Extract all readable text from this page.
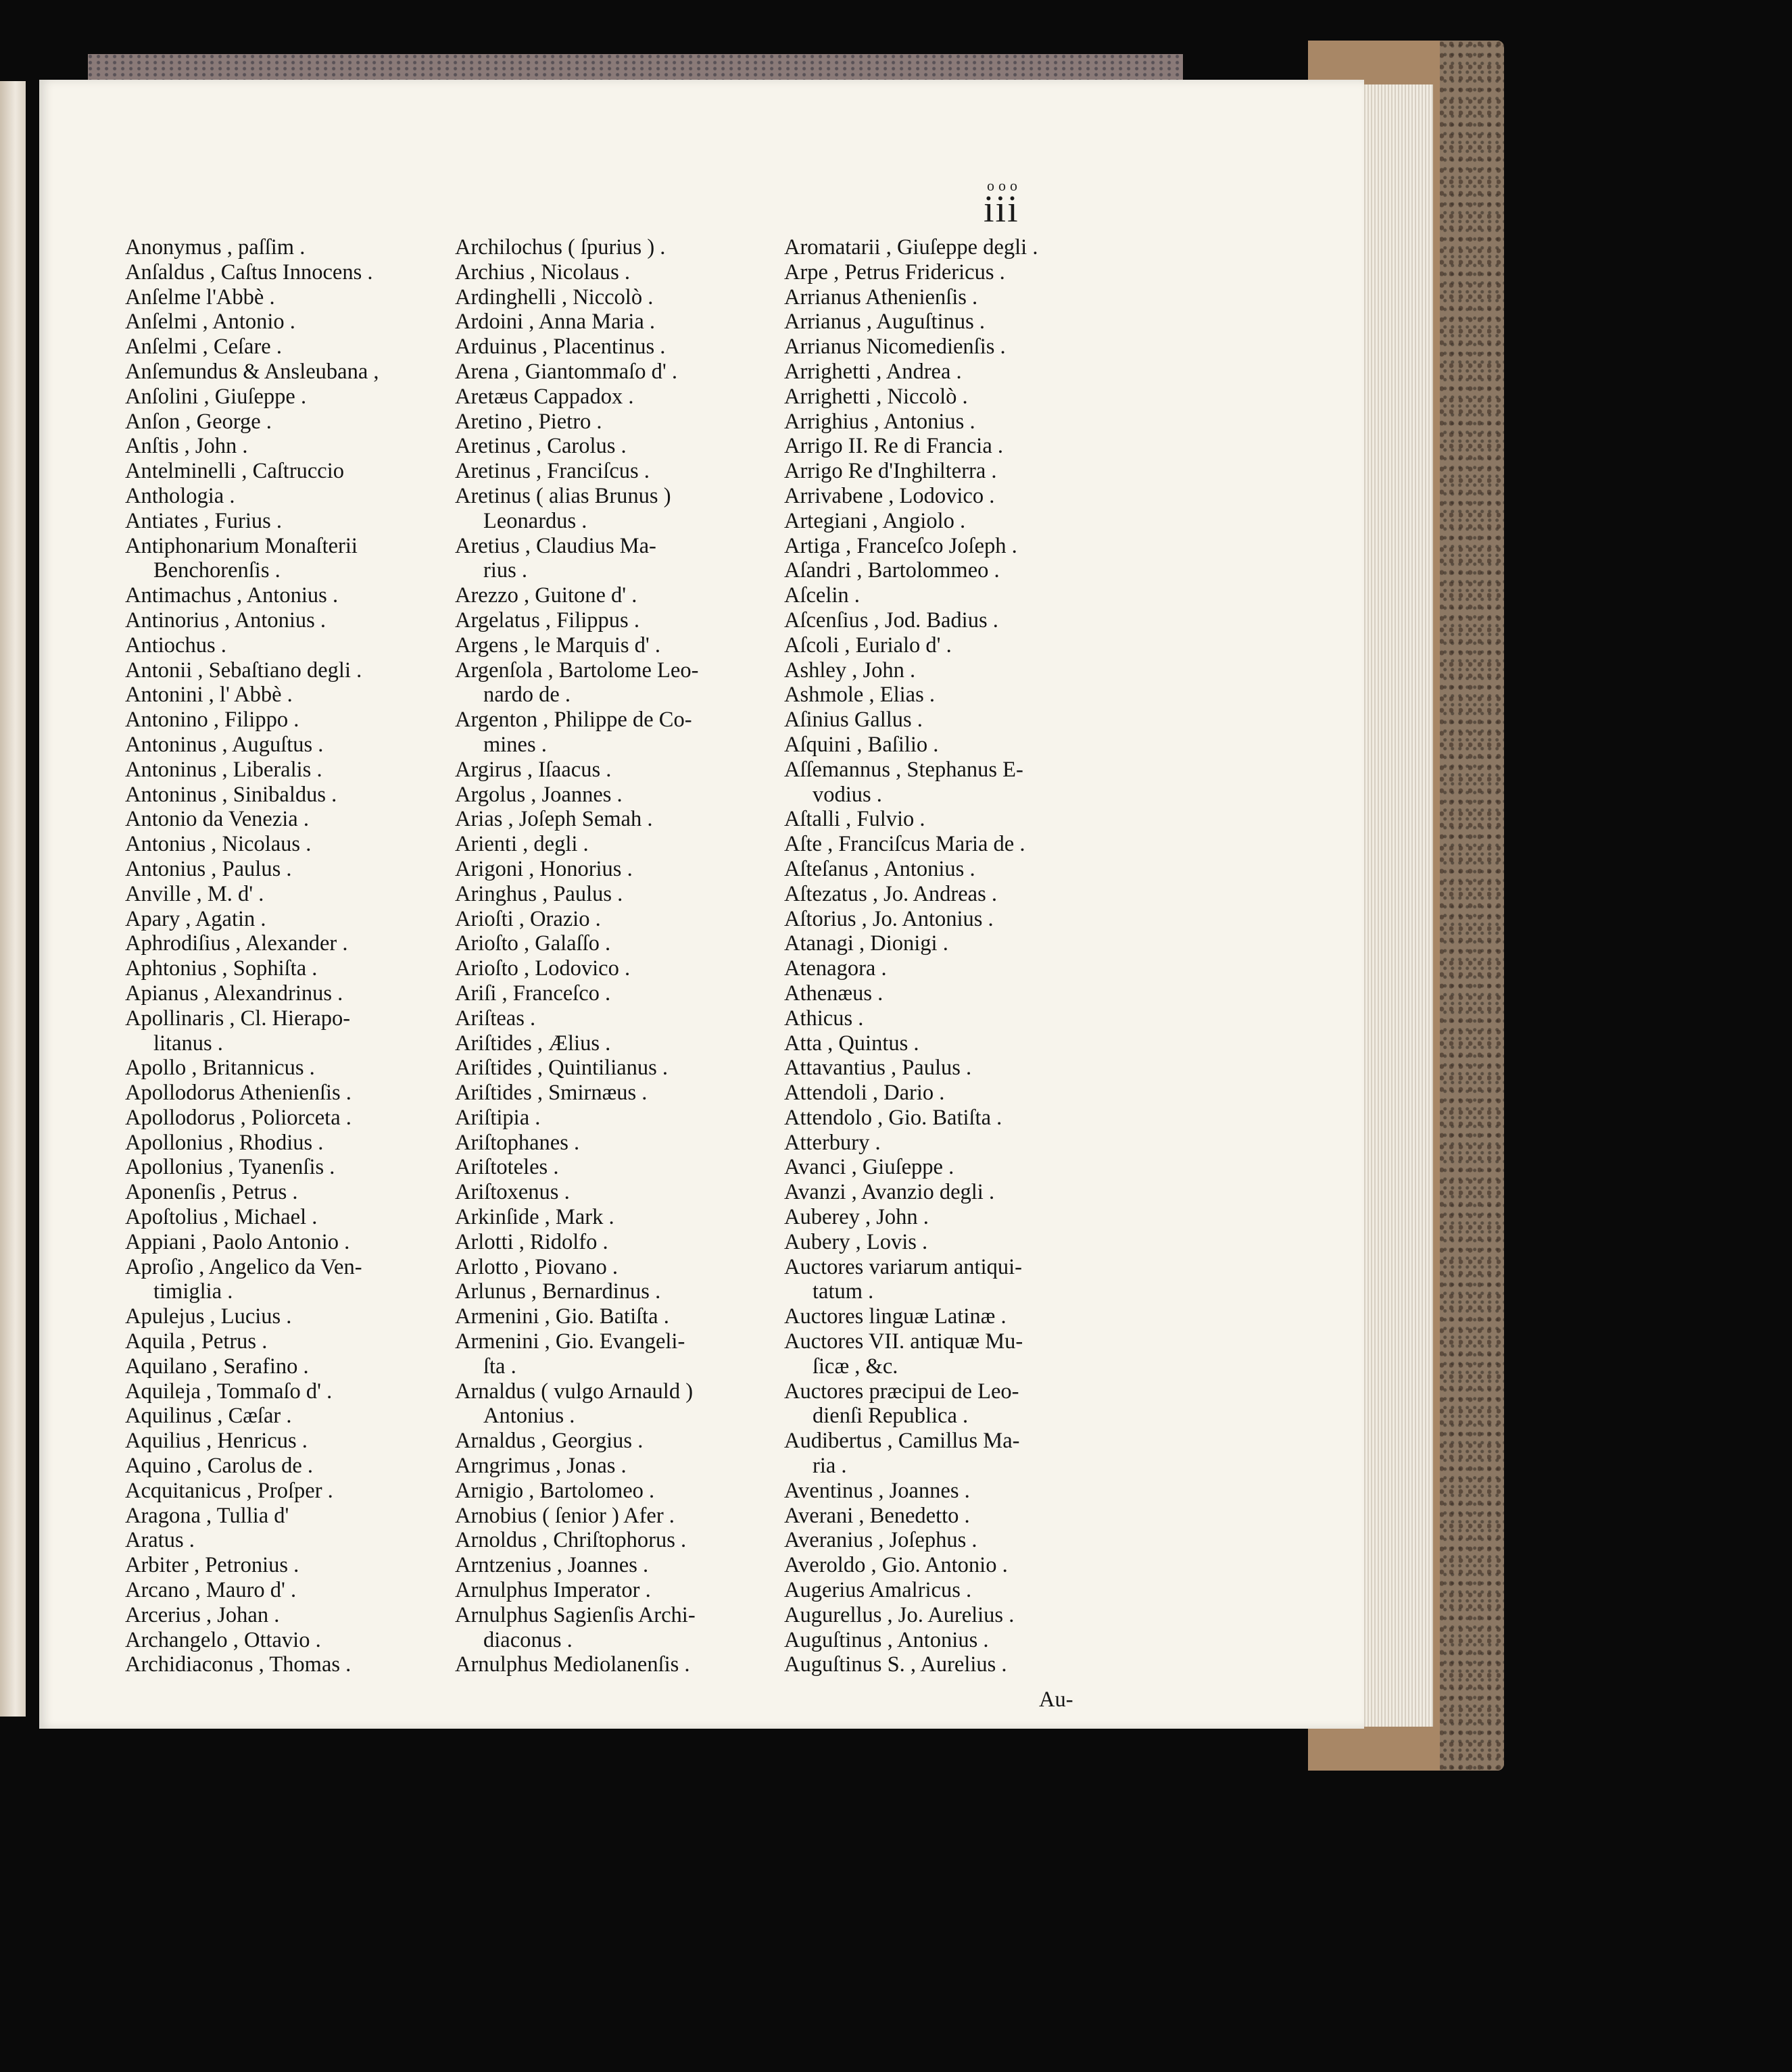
ooo
iii
Anonymus , paſſim .
Anſaldus , Caſtus Innocens .
Anſelme l'Abbè .
Anſelmi , Antonio .
Anſelmi , Ceſare .
Anſemundus & Ansleubana ,
Anſolini , Giuſeppe .
Anſon , George .
Anſtis , John .
Antelminelli , Caſtruccio
Anthologia .
Antiates , Furius .
Antiphonarium Monaſterii
Benchorenſis .
Antimachus , Antonius .
Antinorius , Antonius .
Antiochus .
Antonii , Sebaſtiano degli .
Antonini , l' Abbè .
Antonino , Filippo .
Antoninus , Auguſtus .
Antoninus , Liberalis .
Antoninus , Sinibaldus .
Antonio da Venezia .
Antonius , Nicolaus .
Antonius , Paulus .
Anville , M. d' .
Apary , Agatin .
Aphrodiſius , Alexander .
Aphtonius , Sophiſta .
Apianus , Alexandrinus .
Apollinaris , Cl. Hierapo-
litanus .
Apollo , Britannicus .
Apollodorus Athenienſis .
Apollodorus , Poliorceta .
Apollonius , Rhodius .
Apollonius , Tyanenſis .
Aponenſis , Petrus .
Apoſtolius , Michael .
Appiani , Paolo Antonio .
Aproſio , Angelico da Ven-
timiglia .
Apulejus , Lucius .
Aquila , Petrus .
Aquilano , Serafino .
Aquileja , Tommaſo d' .
Aquilinus , Cæſar .
Aquilius , Henricus .
Aquino , Carolus de .
Acquitanicus , Proſper .
Aragona , Tullia d'
Aratus .
Arbiter , Petronius .
Arcano , Mauro d' .
Arcerius , Johan .
Archangelo , Ottavio .
Archidiaconus , Thomas .
Archilochus ( ſpurius ) .
Archius , Nicolaus .
Ardinghelli , Niccolò .
Ardoini , Anna Maria .
Arduinus , Placentinus .
Arena , Giantommaſo d' .
Aretæus Cappadox .
Aretino , Pietro .
Aretinus , Carolus .
Aretinus , Franciſcus .
Aretinus ( alias Brunus )
Leonardus .
Aretius , Claudius Ma-
rius .
Arezzo , Guitone d' .
Argelatus , Filippus .
Argens , le Marquis d' .
Argenſola , Bartolome Leo-
nardo de .
Argenton , Philippe de Co-
mines .
Argirus , Iſaacus .
Argolus , Joannes .
Arias , Joſeph Semah .
Arienti , degli .
Arigoni , Honorius .
Aringhus , Paulus .
Arioſti , Orazio .
Arioſto , Galaſſo .
Arioſto , Lodovico .
Ariſi , Franceſco .
Ariſteas .
Ariſtides , Ælius .
Ariſtides , Quintilianus .
Ariſtides , Smirnæus .
Ariſtipia .
Ariſtophanes .
Ariſtoteles .
Ariſtoxenus .
Arkinſide , Mark .
Arlotti , Ridolfo .
Arlotto , Piovano .
Arlunus , Bernardinus .
Armenini , Gio. Batiſta .
Armenini , Gio. Evangeli-
ſta .
Arnaldus ( vulgo Arnauld )
Antonius .
Arnaldus , Georgius .
Arngrimus , Jonas .
Arnigio , Bartolomeo .
Arnobius ( ſenior ) Afer .
Arnoldus , Chriſtophorus .
Arntzenius , Joannes .
Arnulphus Imperator .
Arnulphus Sagienſis Archi-
diaconus .
Arnulphus Mediolanenſis .
Aromatarii , Giuſeppe degli .
Arpe , Petrus Fridericus .
Arrianus Athenienſis .
Arrianus , Auguſtinus .
Arrianus Nicomedienſis .
Arrighetti , Andrea .
Arrighetti , Niccolò .
Arrighius , Antonius .
Arrigo II. Re di Francia .
Arrigo Re d'Inghilterra .
Arrivabene , Lodovico .
Artegiani , Angiolo .
Artiga , Franceſco Joſeph .
Aſandri , Bartolommeo .
Aſcelin .
Aſcenſius , Jod. Badius .
Aſcoli , Eurialo d' .
Ashley , John .
Ashmole , Elias .
Aſinius Gallus .
Aſquini , Baſilio .
Aſſemannus , Stephanus E-
vodius .
Aſtalli , Fulvio .
Aſte , Franciſcus Maria de .
Aſteſanus , Antonius .
Aſtezatus , Jo. Andreas .
Aſtorius , Jo. Antonius .
Atanagi , Dionigi .
Atenagora .
Athenæus .
Athicus .
Atta , Quintus .
Attavantius , Paulus .
Attendoli , Dario .
Attendolo , Gio. Batiſta .
Atterbury .
Avanci , Giuſeppe .
Avanzi , Avanzio degli .
Auberey , John .
Aubery , Lovis .
Auctores variarum antiqui-
tatum .
Auctores linguæ Latinæ .
Auctores VII. antiquæ Mu-
ſicæ , &c.
Auctores præcipui de Leo-
dienſi Republica .
Audibertus , Camillus Ma-
ria .
Aventinus , Joannes .
Averani , Benedetto .
Averanius , Joſephus .
Averoldo , Gio. Antonio .
Augerius Amalricus .
Augurellus , Jo. Aurelius .
Auguſtinus , Antonius .
Auguſtinus S. , Aurelius .
Au-
